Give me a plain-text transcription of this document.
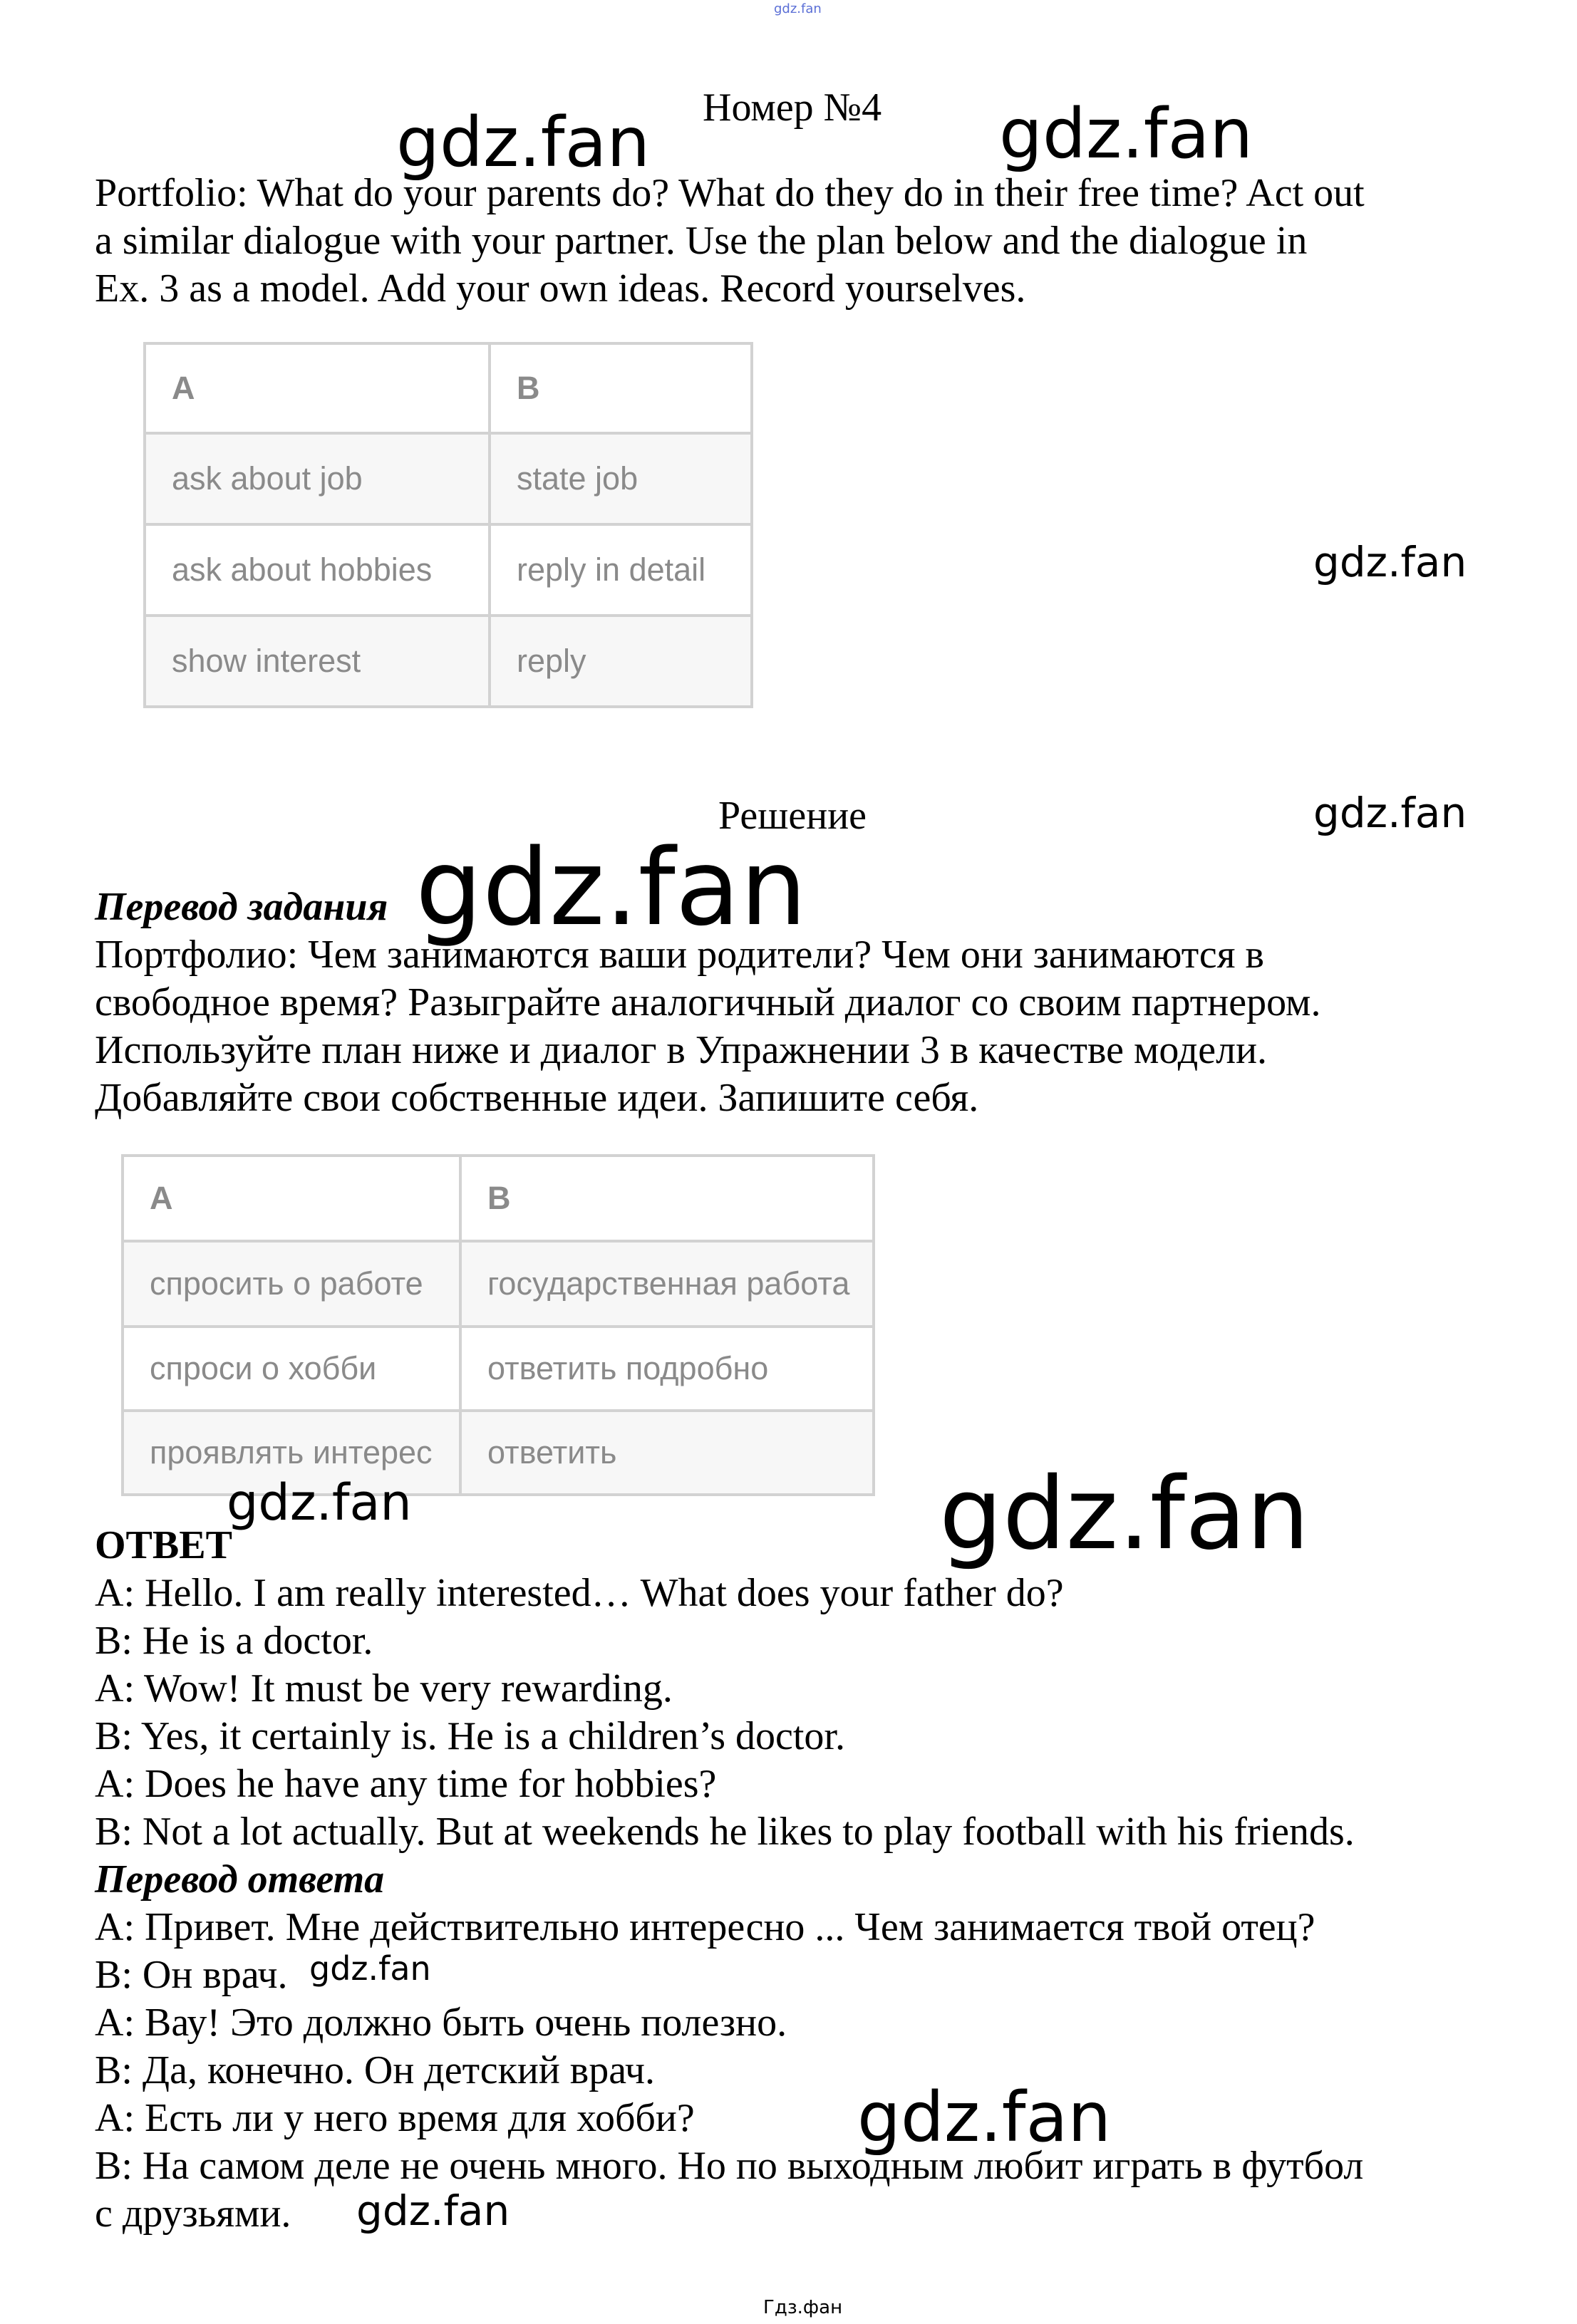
gdz.fan
Номер №4
Portfolio: What do your parents do? What do they do in their free time? Act out
a similar dialogue with your partner. Use the plan below and the dialogue in
Ex. 3 as a model. Add your own ideas. Record yourselves.
A	B
ask about job	state job
ask about hobbies	reply in detail
show interest	reply
Решение
Перевод задания
Портфолио: Чем занимаются ваши родители? Чем они занимаются в
свободное время? Разыграйте аналогичный диалог со своим партнером.
Используйте план ниже и диалог в Упражнении 3 в качестве модели.
Добавляйте свои собственные идеи. Запишите себя.
A	B
спросить о работе	государственная работа
спроси о хобби	ответить подробно
проявлять интерес	ответить
ОТВЕТ
A: Hello. I am really interested… What does your father do?
B: He is a doctor.
A: Wow! It must be very rewarding.
B: Yes, it certainly is. He is a children’s doctor.
A: Does he have any time for hobbies?
B: Not a lot actually. But at weekends he likes to play football with his friends.
Перевод ответа
A: Привет. Мне действительно интересно ... Чем занимается твой отец?
B: Он врач.
A: Вау! Это должно быть очень полезно.
B: Да, конечно. Он детский врач.
A: Есть ли у него время для хобби?
B: На самом деле не очень много. Но по выходным любит играть в футбол
с друзьями.
gdz.fan	gdz.fan
gdz.fan
gdz.fan
gdz.fan
gdz.fan	gdz.fan
gdz.fan
gdz.fan
gdz.fan
Гдз.фан
